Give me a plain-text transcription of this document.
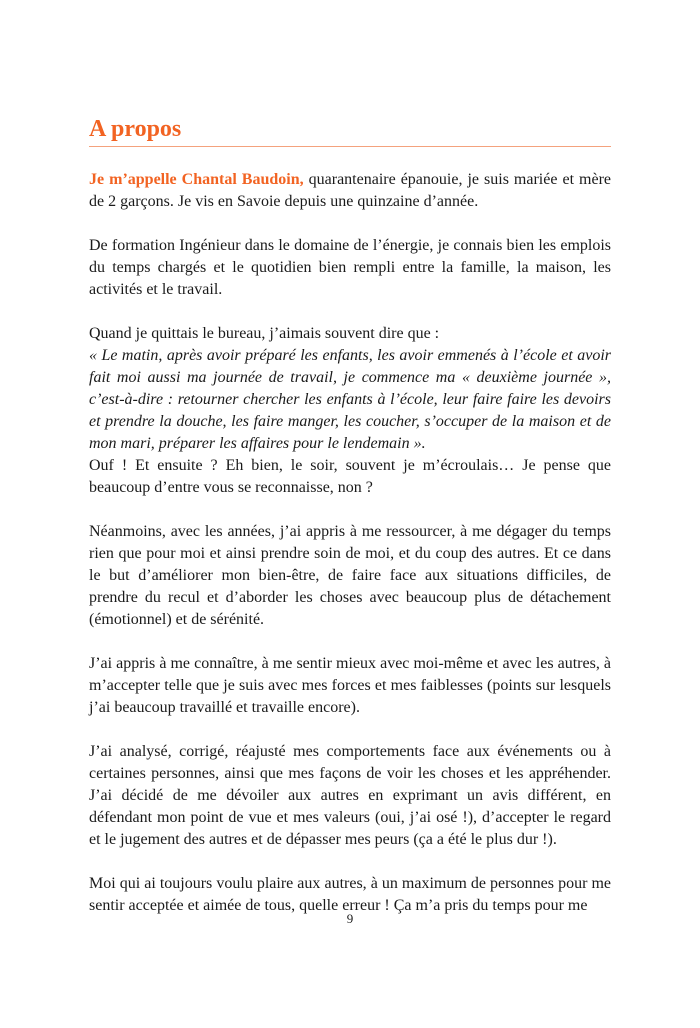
A propos

Je m’appelle Chantal Baudoin, quarantenaire épanouie, je suis mariée et mère de 2 garçons. Je vis en Savoie depuis une quinzaine d’année.

De formation Ingénieur dans le domaine de l’énergie, je connais bien les emplois du temps chargés et le quotidien bien rempli entre la famille, la maison, les activités et le travail.

Quand je quittais le bureau, j’aimais souvent dire que :

« Le matin, après avoir préparé les enfants, les avoir emmenés à l’école et avoir fait moi aussi ma journée de travail, je commence ma « deuxième journée », c’est-à-dire : retourner chercher les enfants à l’école, leur faire faire les devoirs et prendre la douche, les faire manger, les coucher, s’occuper de la maison et de mon mari, préparer les affaires pour le lendemain ».

Ouf ! Et ensuite ? Eh bien, le soir, souvent je m’écroulais… Je pense que beaucoup d’entre vous se reconnaisse, non ?

Néanmoins, avec les années, j’ai appris à me ressourcer, à me dégager du temps rien que pour moi et ainsi prendre soin de moi, et du coup des autres. Et ce dans le but d’améliorer mon bien-être, de faire face aux situations difficiles, de prendre du recul et d’aborder les choses avec beaucoup plus de détachement (émotionnel) et de sérénité.

J’ai appris à me connaître, à me sentir mieux avec moi-même et avec les autres, à m’accepter telle que je suis avec mes forces et mes faiblesses (points sur lesquels j’ai beaucoup travaillé et travaille encore).

J’ai analysé, corrigé, réajusté mes comportements face aux événements ou à certaines personnes, ainsi que mes façons de voir les choses et les appréhender. J’ai décidé de me dévoiler aux autres en exprimant un avis différent, en défendant mon point de vue et mes valeurs (oui, j’ai osé !), d’accepter le regard et le jugement des autres et de dépasser mes peurs (ça a été le plus dur !).

Moi qui ai toujours voulu plaire aux autres, à un maximum de personnes pour me sentir acceptée et aimée de tous, quelle erreur ! Ça m’a pris du temps pour me

9
